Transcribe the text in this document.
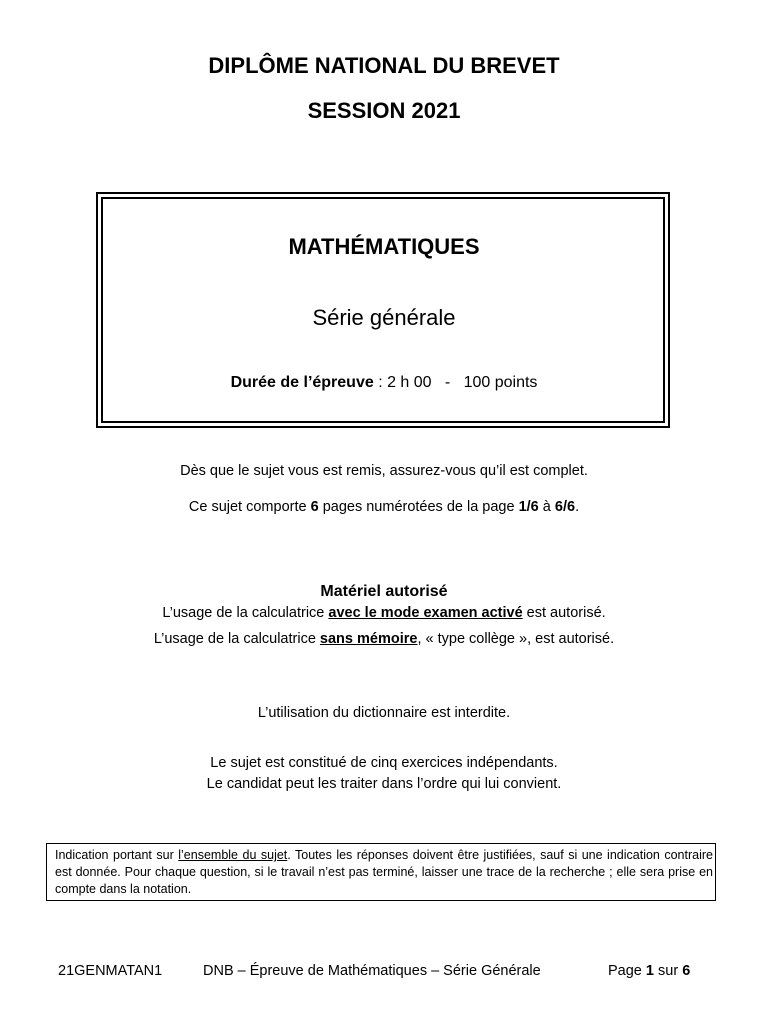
DIPLÔME NATIONAL DU BREVET
SESSION 2021
MATHÉMATIQUES
Série générale
Durée de l’épreuve : 2 h 00   -   100 points
Dès que le sujet vous est remis, assurez-vous qu’il est complet.
Ce sujet comporte 6 pages numérotées de la page 1/6 à 6/6.
Matériel autorisé
L’usage de la calculatrice avec le mode examen activé est autorisé.
L’usage de la calculatrice sans mémoire, « type collège », est autorisé.
L’utilisation du dictionnaire est interdite.
Le sujet est constitué de cinq exercices indépendants.
Le candidat peut les traiter dans l’ordre qui lui convient.
Indication portant sur l’ensemble du sujet. Toutes les réponses doivent être justifiées, sauf si une indication contraire est donnée. Pour chaque question, si le travail n’est pas terminé, laisser une trace de la recherche ; elle sera prise en compte dans la notation.
21GENMATAN1	DNB – Épreuve de Mathématiques – Série Générale	Page 1 sur 6
